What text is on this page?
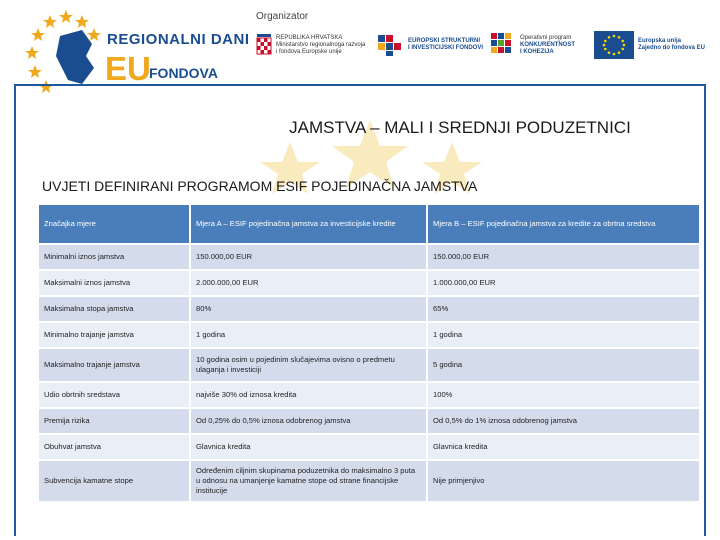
REGIONALNI DANI
EU
FONDOVA
Organizator
REPUBLIKA HRVATSKA
Ministarstvo regionalnoga razvoja
i fondova Europske unije
EUROPSKI STRUKTURNI
I INVESTICIJSKI FONDOVI
Operativni program
KONKURENTNOST
I KOHEZIJA
Europska unija
Zajedno do fondova EU
JAMSTVA – MALI I SREDNJI PODUZETNICI
UVJETI DEFINIRANI PROGRAMOM ESIF POJEDINAČNA JAMSTVA
Značajka mjere	Mjera A – ESIF pojedinačna jamstva za investicijske kredite	Mjera B – ESIF pojedinačna jamstva za kredite za obrtna sredstva
Minimalni iznos jamstva	150.000,00 EUR	150.000,00 EUR
Maksimalni iznos jamstva	2.000.000,00 EUR	1.000.000,00 EUR
Maksimalna stopa jamstva	80%	65%
Minimalno trajanje jamstva	1 godina	1 godina
Maksimalno trajanje jamstva	10 godina osim u pojedinim slučajevima ovisno o predmetu ulaganja i investiciji	5 godina
Udio obrtnih sredstava	najviše 30% od iznosa kredita	100%
Premija rizika	Od 0,25% do 0,5% iznosa odobrenog jamstva	Od 0,5% do 1% iznosa odobrenog jamstva
Obuhvat jamstva	Glavnica kredita	Glavnica kredita
Subvencija kamatne stope	Određenim ciljnim skupinama poduzetnika do maksimalno 3 puta u odnosu na umanjenje kamatne stope od strane financijske institucije	Nije primjenjivo
